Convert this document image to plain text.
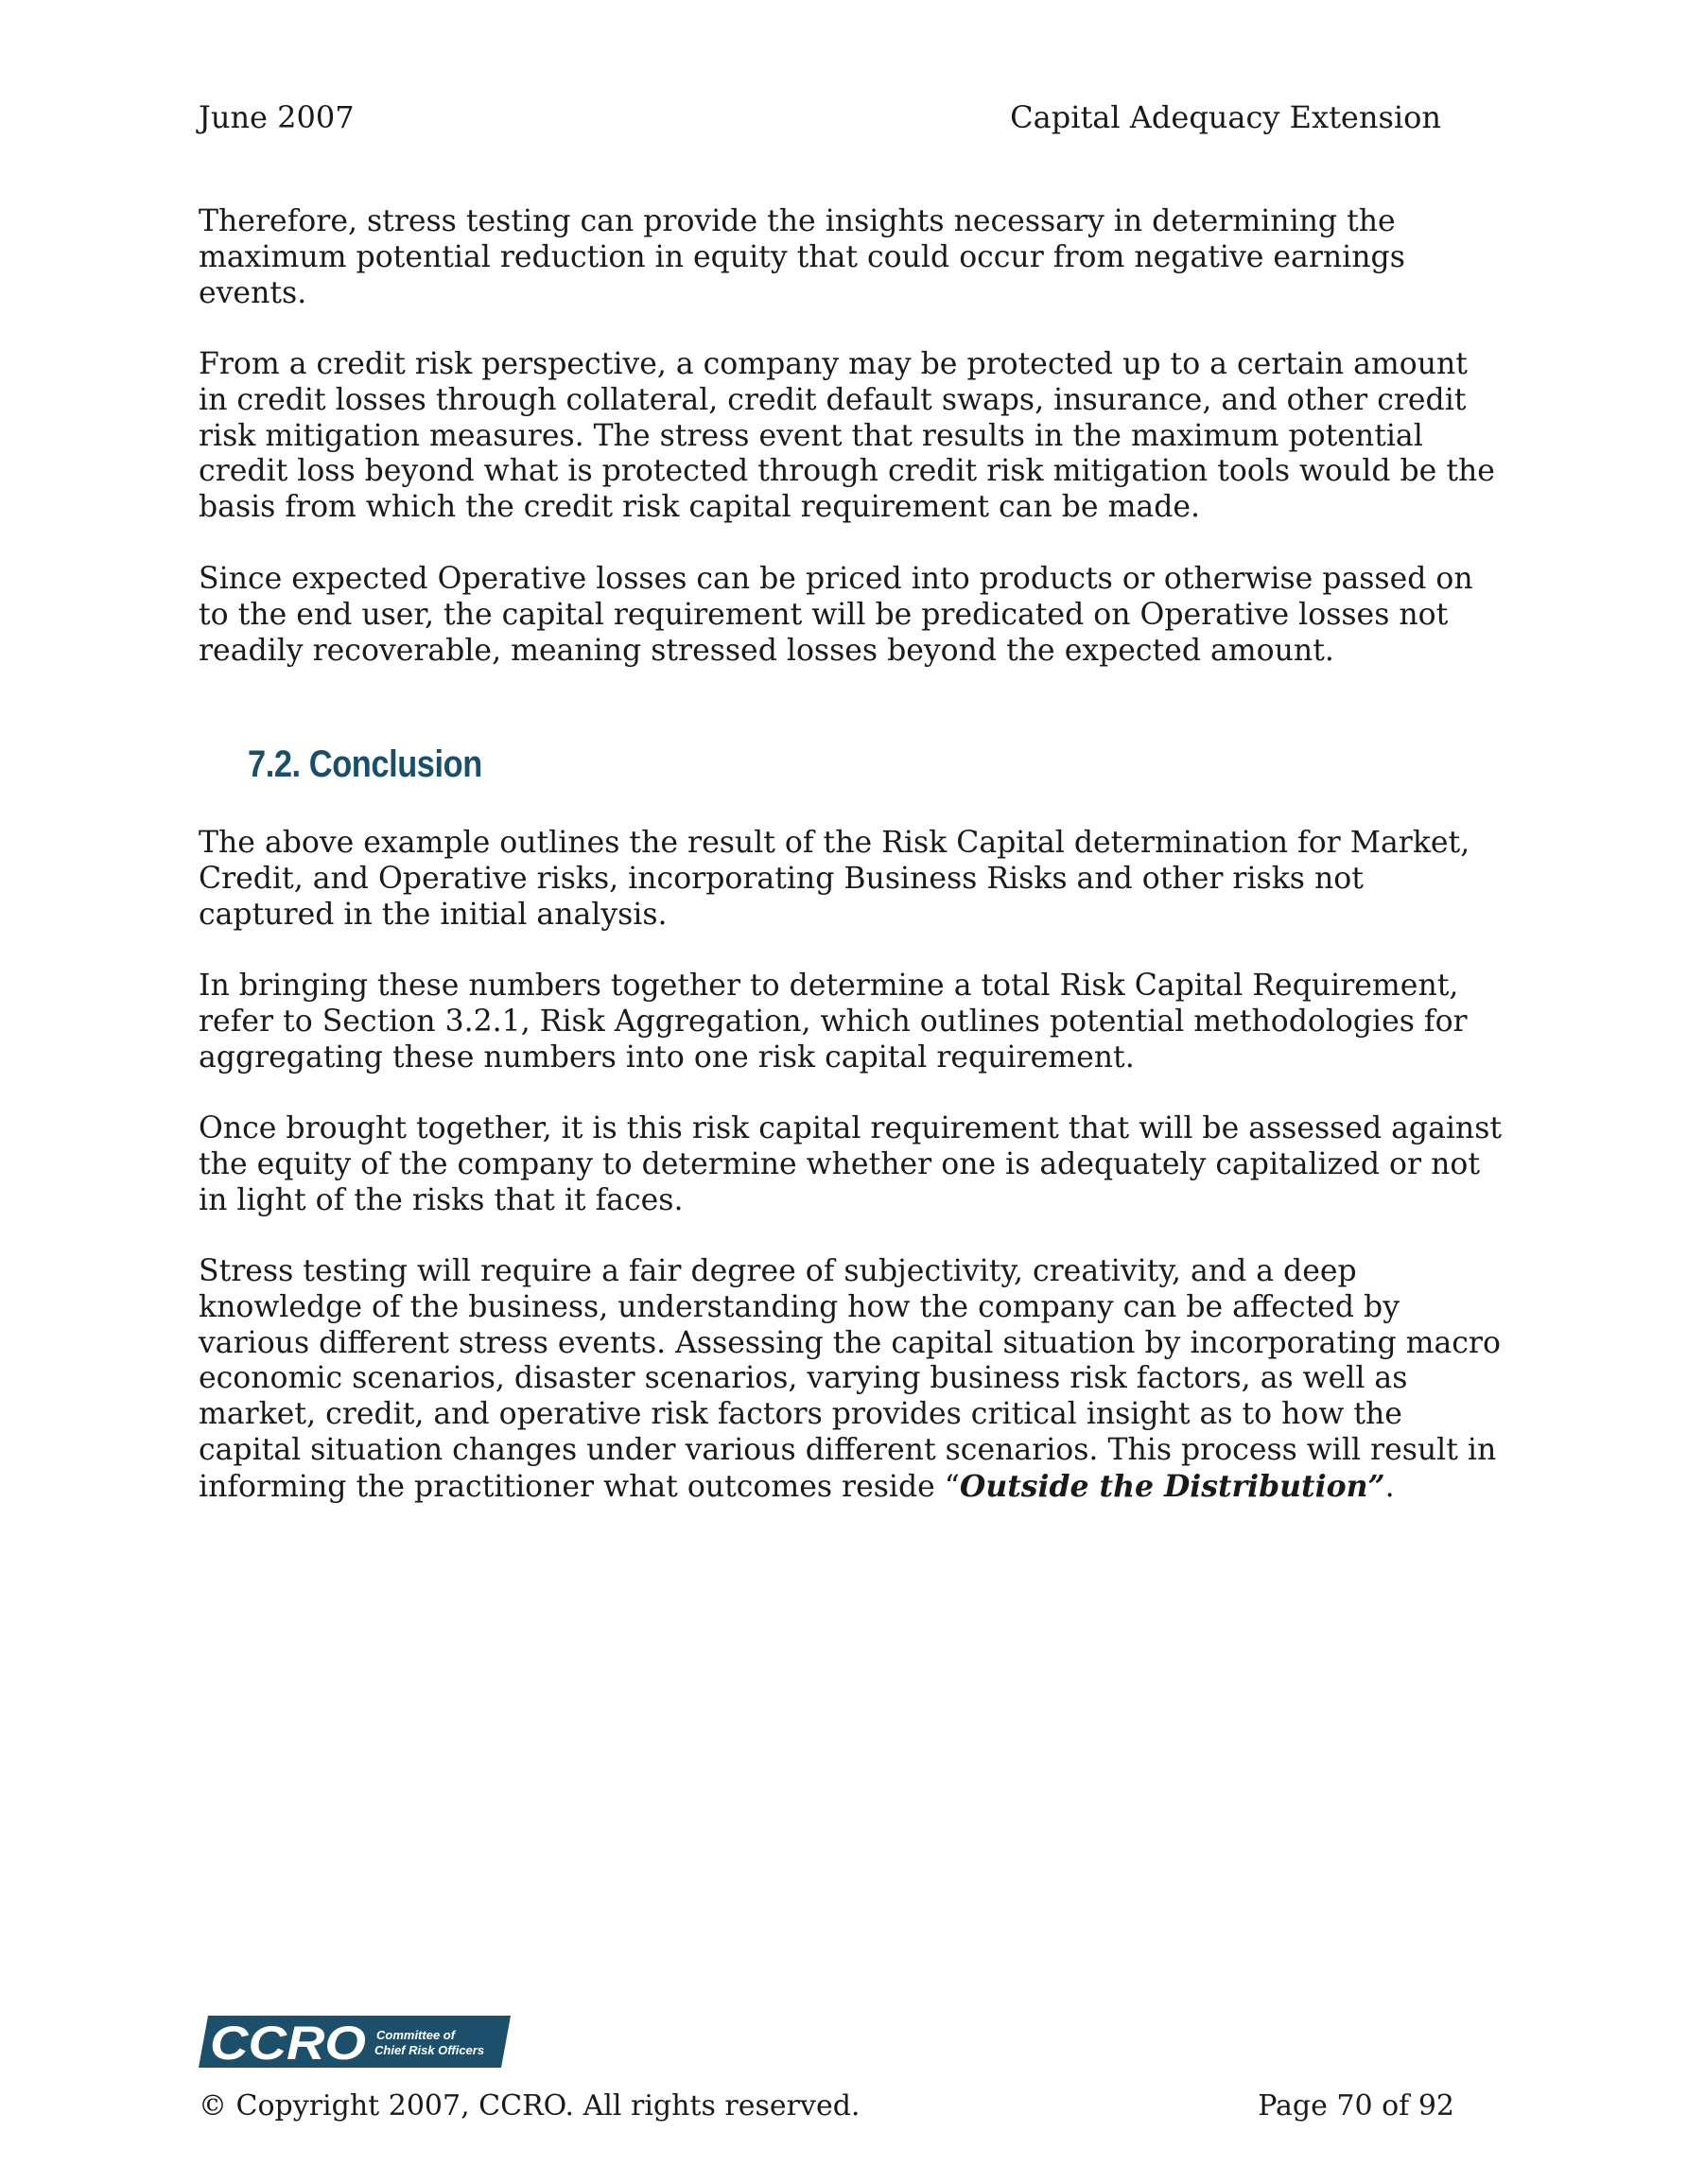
June 2007	Capital Adequacy Extension

Therefore, stress testing can provide the insights necessary in determining the maximum potential reduction in equity that could occur from negative earnings events.

From a credit risk perspective, a company may be protected up to a certain amount in credit losses through collateral, credit default swaps, insurance, and other credit risk mitigation measures. The stress event that results in the maximum potential credit loss beyond what is protected through credit risk mitigation tools would be the basis from which the credit risk capital requirement can be made.

Since expected Operative losses can be priced into products or otherwise passed on to the end user, the capital requirement will be predicated on Operative losses not readily recoverable, meaning stressed losses beyond the expected amount.

7.2. Conclusion

The above example outlines the result of the Risk Capital determination for Market, Credit, and Operative risks, incorporating Business Risks and other risks not captured in the initial analysis.

In bringing these numbers together to determine a total Risk Capital Requirement, refer to Section 3.2.1, Risk Aggregation, which outlines potential methodologies for aggregating these numbers into one risk capital requirement.

Once brought together, it is this risk capital requirement that will be assessed against the equity of the company to determine whether one is adequately capitalized or not in light of the risks that it faces.

Stress testing will require a fair degree of subjectivity, creativity, and a deep knowledge of the business, understanding how the company can be affected by various different stress events. Assessing the capital situation by incorporating macro economic scenarios, disaster scenarios, varying business risk factors, as well as market, credit, and operative risk factors provides critical insight as to how the capital situation changes under various different scenarios. This process will result in informing the practitioner what outcomes reside “Outside the Distribution”.

CCRO Committee of
Chief Risk Officers
© Copyright 2007, CCRO. All rights reserved.	Page 70 of 92
